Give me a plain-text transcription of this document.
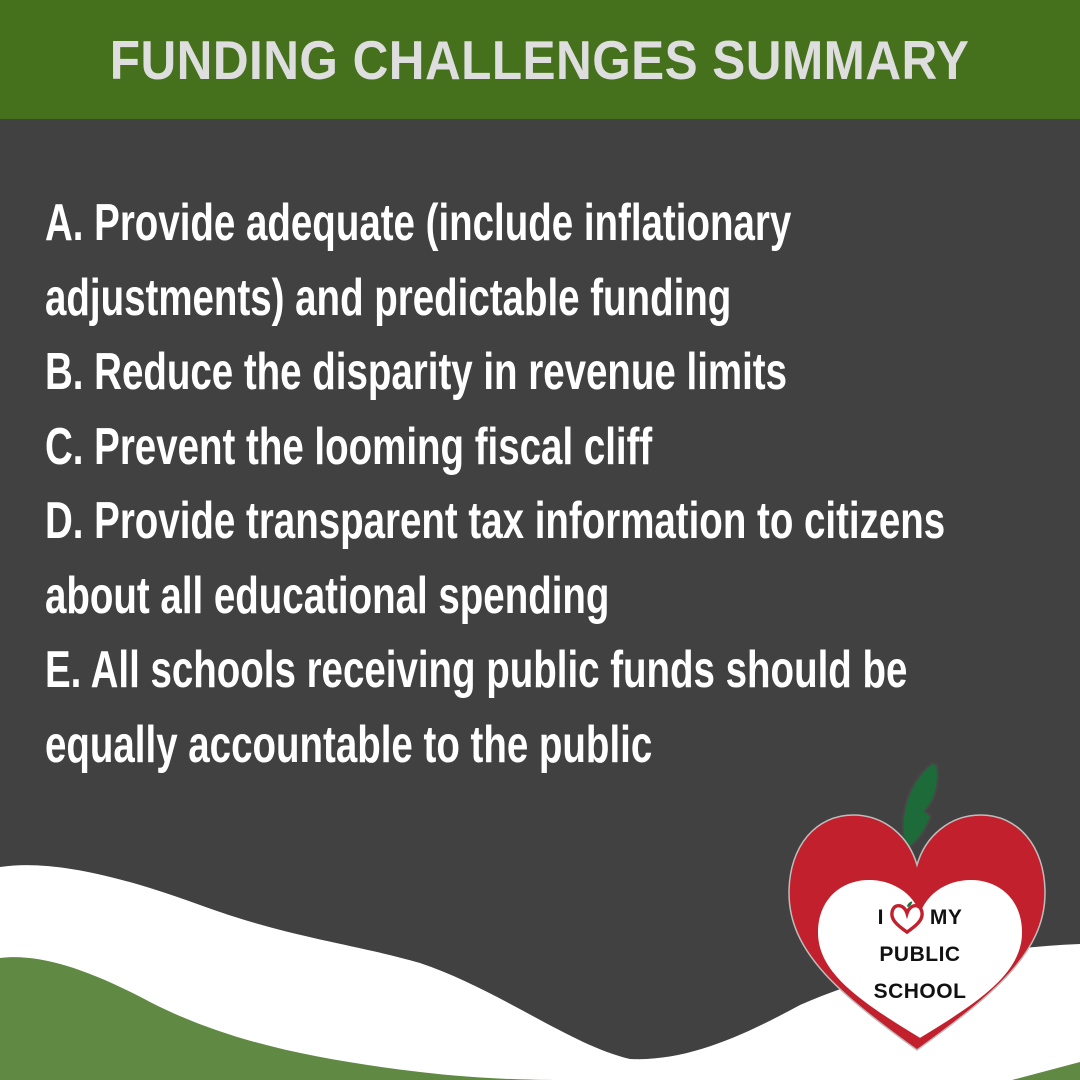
FUNDING CHALLENGES SUMMARY
A. Provide adequate (include inflationary
adjustments) and predictable funding
B. Reduce the disparity in revenue limits
C. Prevent the looming fiscal cliff
D. Provide transparent tax information to citizens
about all educational spending
E. All schools receiving public funds should be
equally accountable to the public
I MY
PUBLIC
SCHOOL
